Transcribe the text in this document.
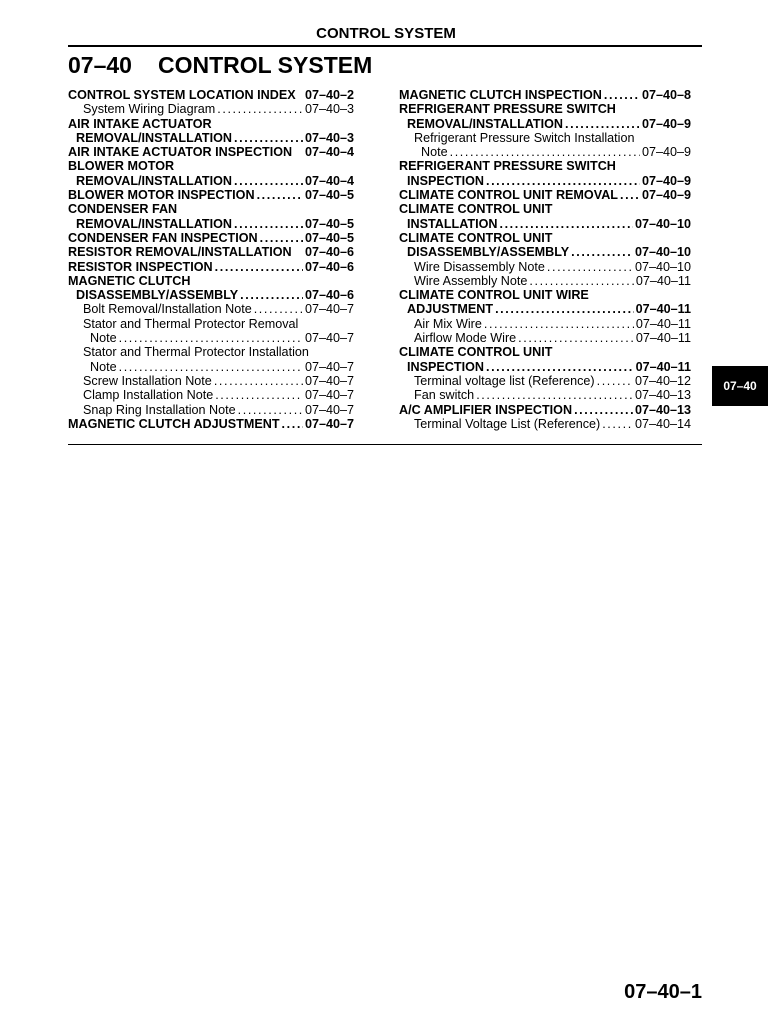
CONTROL SYSTEM
07–40 CONTROL SYSTEM
CONTROL SYSTEM LOCATION INDEX 07–40–2
System Wiring Diagram .....	07–40–3
AIR INTAKE ACTUATOR
REMOVAL/INSTALLATION .....	07–40–3
AIR INTAKE ACTUATOR INSPECTION 07–40–4
BLOWER MOTOR
REMOVAL/INSTALLATION .....	07–40–4
BLOWER MOTOR INSPECTION .....	07–40–5
CONDENSER FAN
REMOVAL/INSTALLATION .....	07–40–5
CONDENSER FAN INSPECTION .....	07–40–5
RESISTOR REMOVAL/INSTALLATION 07–40–6
RESISTOR INSPECTION .....	07–40–6
MAGNETIC CLUTCH
DISASSEMBLY/ASSEMBLY .....	07–40–6
Bolt Removal/Installation Note .....	07–40–7
Stator and Thermal Protector Removal
Note .....	07–40–7
Stator and Thermal Protector Installation
Note .....	07–40–7
Screw Installation Note .....	07–40–7
Clamp Installation Note .....	07–40–7
Snap Ring Installation Note .....	07–40–7
MAGNETIC CLUTCH ADJUSTMENT ..... 07–40–7
MAGNETIC CLUTCH INSPECTION .....	07–40–8
REFRIGERANT PRESSURE SWITCH
REMOVAL/INSTALLATION .....	07–40–9
Refrigerant Pressure Switch Installation
Note .....	07–40–9
REFRIGERANT PRESSURE SWITCH
INSPECTION .....	07–40–9
CLIMATE CONTROL UNIT REMOVAL ..... 07–40–9
CLIMATE CONTROL UNIT
INSTALLATION .....	07–40–10
CLIMATE CONTROL UNIT
DISASSEMBLY/ASSEMBLY .....	07–40–10
Wire Disassembly Note .....	07–40–10
Wire Assembly Note .....	07–40–11
CLIMATE CONTROL UNIT WIRE
ADJUSTMENT .....	07–40–11
Air Mix Wire .....	07–40–11
Airflow Mode Wire .....	07–40–11
CLIMATE CONTROL UNIT
INSPECTION .....	07–40–11
Terminal voltage list (Reference) .....	07–40–12
Fan switch .....	07–40–13
A/C AMPLIFIER INSPECTION .....	07–40–13
Terminal Voltage List (Reference) .....	07–40–14
07–40
07–40–1
